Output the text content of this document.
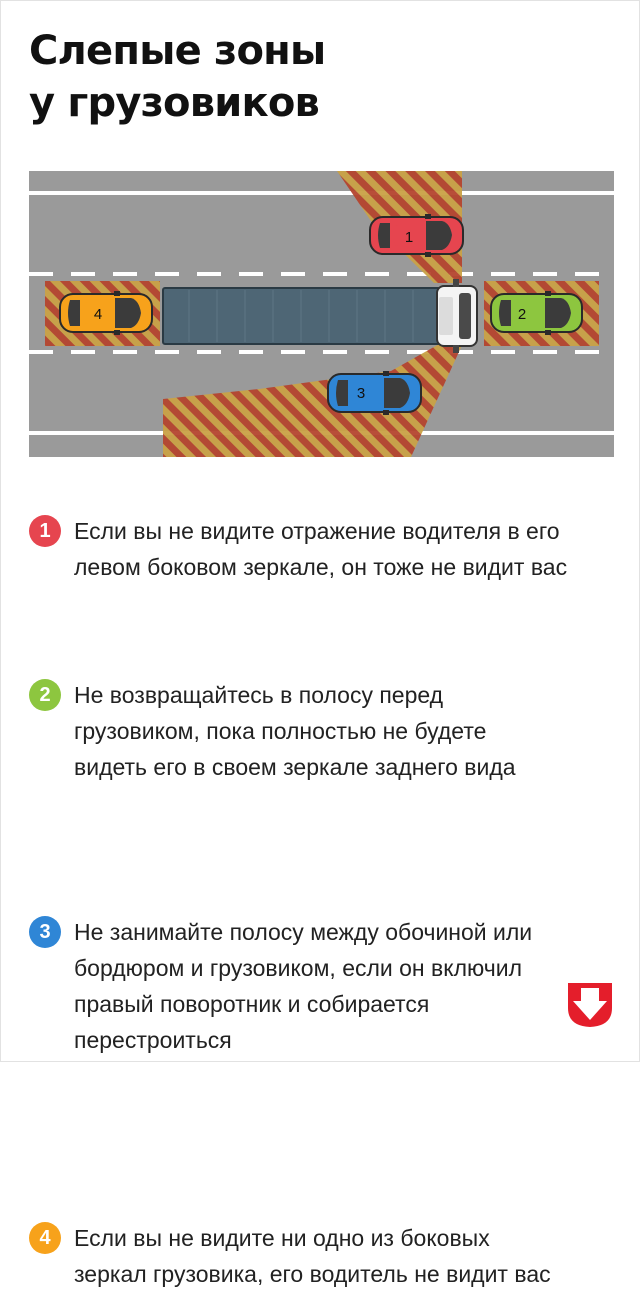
Слепые зоны
у грузовиков
1
2
3
4
1	Если вы не видите отражение водителя в его
левом боковом зеркале, он тоже не видит вас
2	Не возвращайтесь в полосу перед
грузовиком, пока полностью не будете
видеть его в своем зеркале заднего вида
3	Не занимайте полосу между обочиной или
бордюром и грузовиком, если он включил
правый поворотник и собирается
перестроиться
4	Если вы не видите ни одно из боковых
зеркал грузовика, его водитель не видит вас
